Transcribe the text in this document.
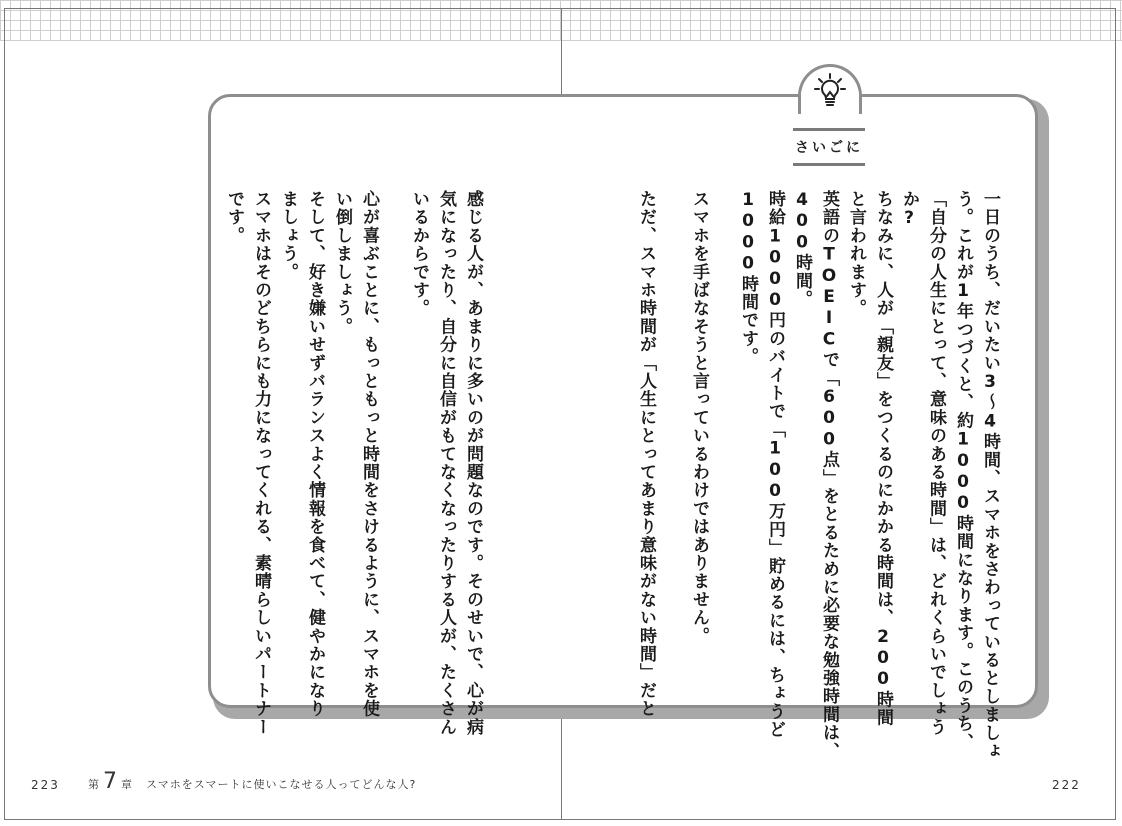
さいごに
一日のうち、だいたい3〜4時間、スマホをさわっているとしましょ
う。これが1年つづくと、約1000時間になります。このうち、
「自分の人生にとって、意味のある時間」は、どれくらいでしょう
か?
ちなみに、人が「親友」をつくるのにかかる時間は、200時間
と言われます。
英語のTOEICで「600点」をとるために必要な勉強時間は、
400時間。
時給1000円のバイトで「100万円」貯めるには、ちょうど
1000時間です。
スマホを手ばなそうと言っているわけではありません。
ただ、スマホ時間が「人生にとってあまり意味がない時間」だと
感じる人が、あまりに多いのが問題なのです。そのせいで、心が病
気になったり、自分に自信がもてなくなったりする人が、たくさん
いるからです。
心が喜ぶことに、もっともっと時間をさけるように、スマホを使
い倒しましょう。
そして、好き嫌いせずバランスよく情報を食べて、健やかになり
ましょう。
スマホはそのどちらにも力になってくれる、素晴らしいパートナー
です。
223	第 7 章 スマホをスマートに使いこなせる人ってどんな人?	222
